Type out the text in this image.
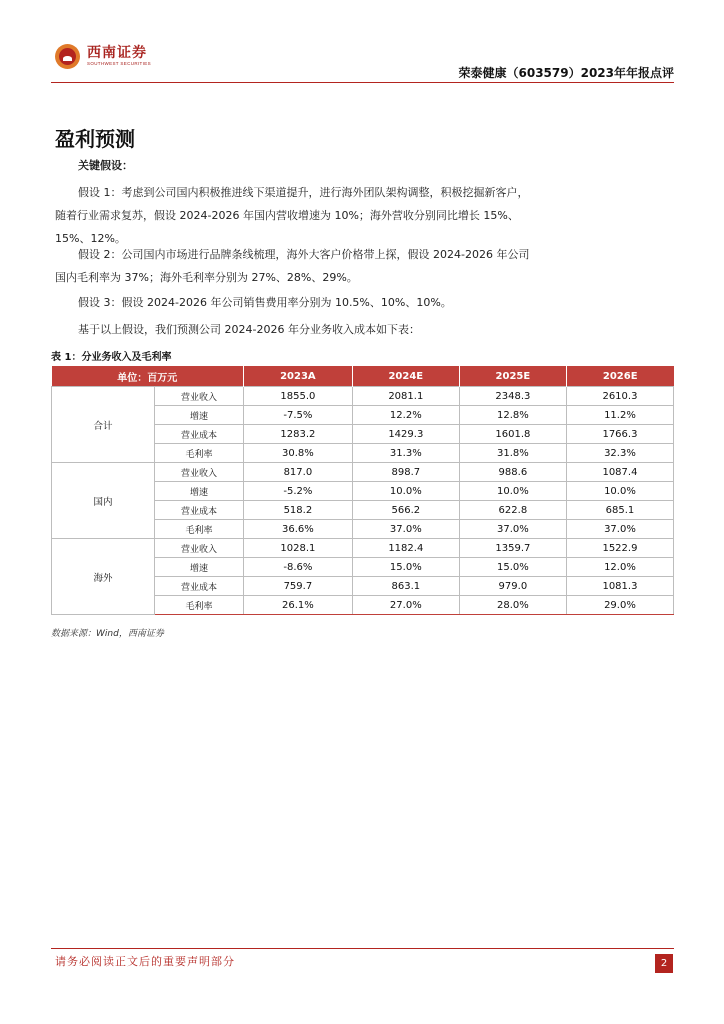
西南证券
SOUTHWEST SECURITIES
荣泰健康（603579）2023年年报点评
盈利预测
关键假设：
假设 1：考虑到公司国内积极推进线下渠道提升，进行海外团队架构调整，积极挖掘新客户，随着行业需求复苏，假设 2024-2026 年国内营收增速为 10%；海外营收分别同比增长 15%、15%、12%。
假设 2：公司国内市场进行品牌条线梳理，海外大客户价格带上探，假设 2024-2026 年公司国内毛利率为 37%；海外毛利率分别为 27%、28%、29%。
假设 3：假设 2024-2026 年公司销售费用率分别为 10.5%、10%、10%。
基于以上假设，我们预测公司 2024-2026 年分业务收入成本如下表：
表 1：分业务收入及毛利率
单位：百万元		2023A	2024E	2025E	2026E
合计	营业收入	1855.0	2081.1	2348.3	2610.3
	增速	-7.5%	12.2%	12.8%	11.2%
	营业成本	1283.2	1429.3	1601.8	1766.3
	毛利率	30.8%	31.3%	31.8%	32.3%
国内	营业收入	817.0	898.7	988.6	1087.4
	增速	-5.2%	10.0%	10.0%	10.0%
	营业成本	518.2	566.2	622.8	685.1
	毛利率	36.6%	37.0%	37.0%	37.0%
海外	营业收入	1028.1	1182.4	1359.7	1522.9
	增速	-8.6%	15.0%	15.0%	12.0%
	营业成本	759.7	863.1	979.0	1081.3
	毛利率	26.1%	27.0%	28.0%	29.0%
数据来源：Wind，西南证券
请务必阅读正文后的重要声明部分	2
